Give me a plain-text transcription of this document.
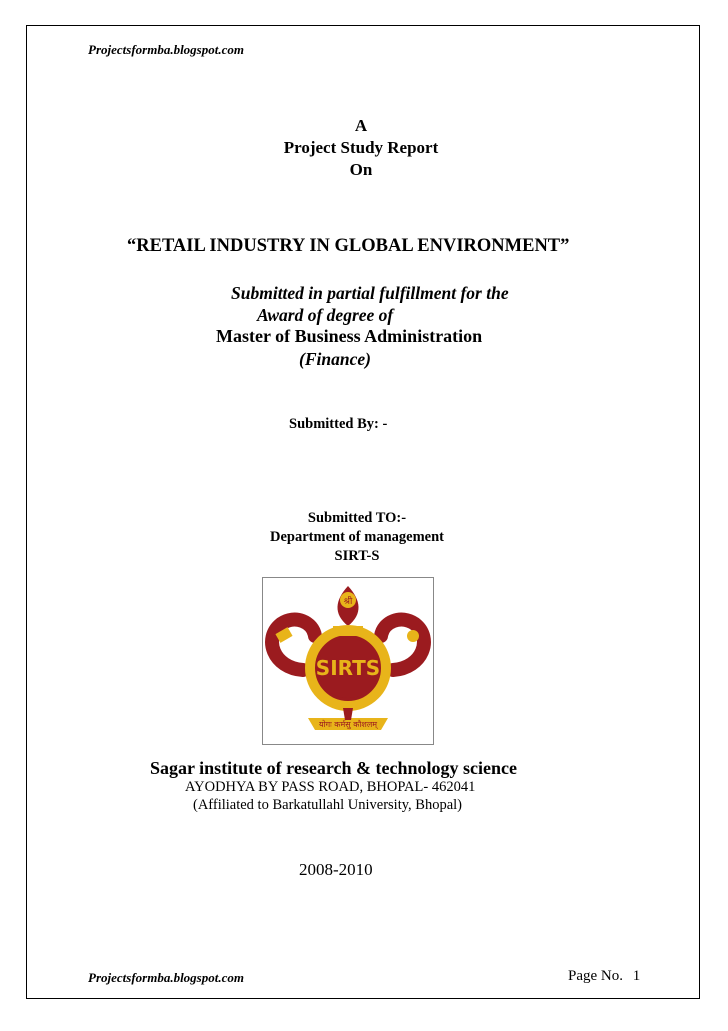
Projectsformba.blogspot.com
A
Project Study Report
On
“RETAIL INDUSTRY IN GLOBAL ENVIRONMENT”
Submitted in partial fulfillment for the
Award of degree of
Master of Business Administration
(Finance)
Submitted By: -
Submitted TO:-
Department of management
SIRT-S
श्री
SIRTS
योगः कर्मसु कौशलम्
Sagar institute of research & technology science
AYODHYA BY PASS ROAD, BHOPAL- 462041
(Affiliated to Barkatullahl University, Bhopal)
2008-2010
Projectsformba.blogspot.com	Page No. 1
